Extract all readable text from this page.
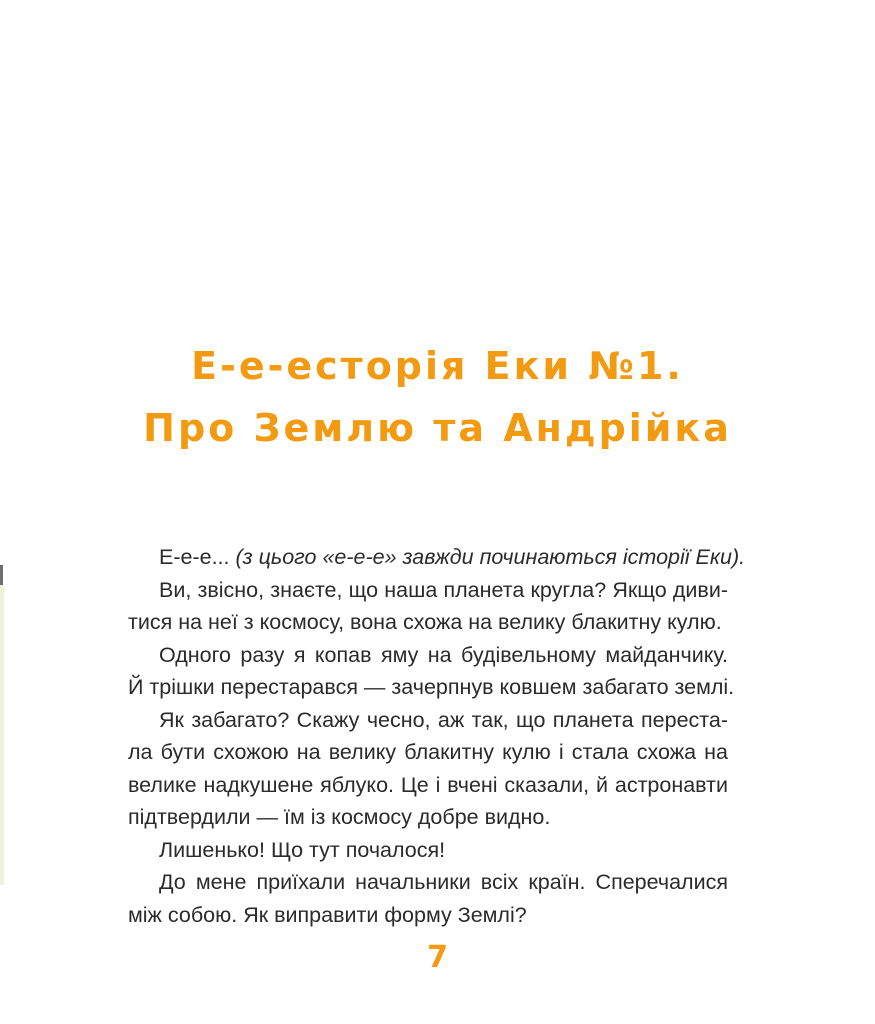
Е-е-есторія Еки №1.
Про Землю та Андрійка
Е-е-е... (з цього «е-е-е» завжди починаються історії Еки).
Ви, звісно, знаєте, що наша планета кругла? Якщо диви-
тися на неї з космосу, вона схожа на велику блакитну кулю.
Одного разу я копав яму на будівельному майданчику.
Й трішки перестарався — зачерпнув ковшем забагато землі.
Як забагато? Скажу чесно, аж так, що планета переста-
ла бути схожою на велику блакитну кулю і стала схожа на
велике надкушене яблуко. Це і вчені сказали, й астронавти
підтвердили — їм із космосу добре видно.
Лишенько! Що тут почалося!
До мене приїхали начальники всіх країн. Сперечалися
між собою. Як виправити форму Землі?
7
